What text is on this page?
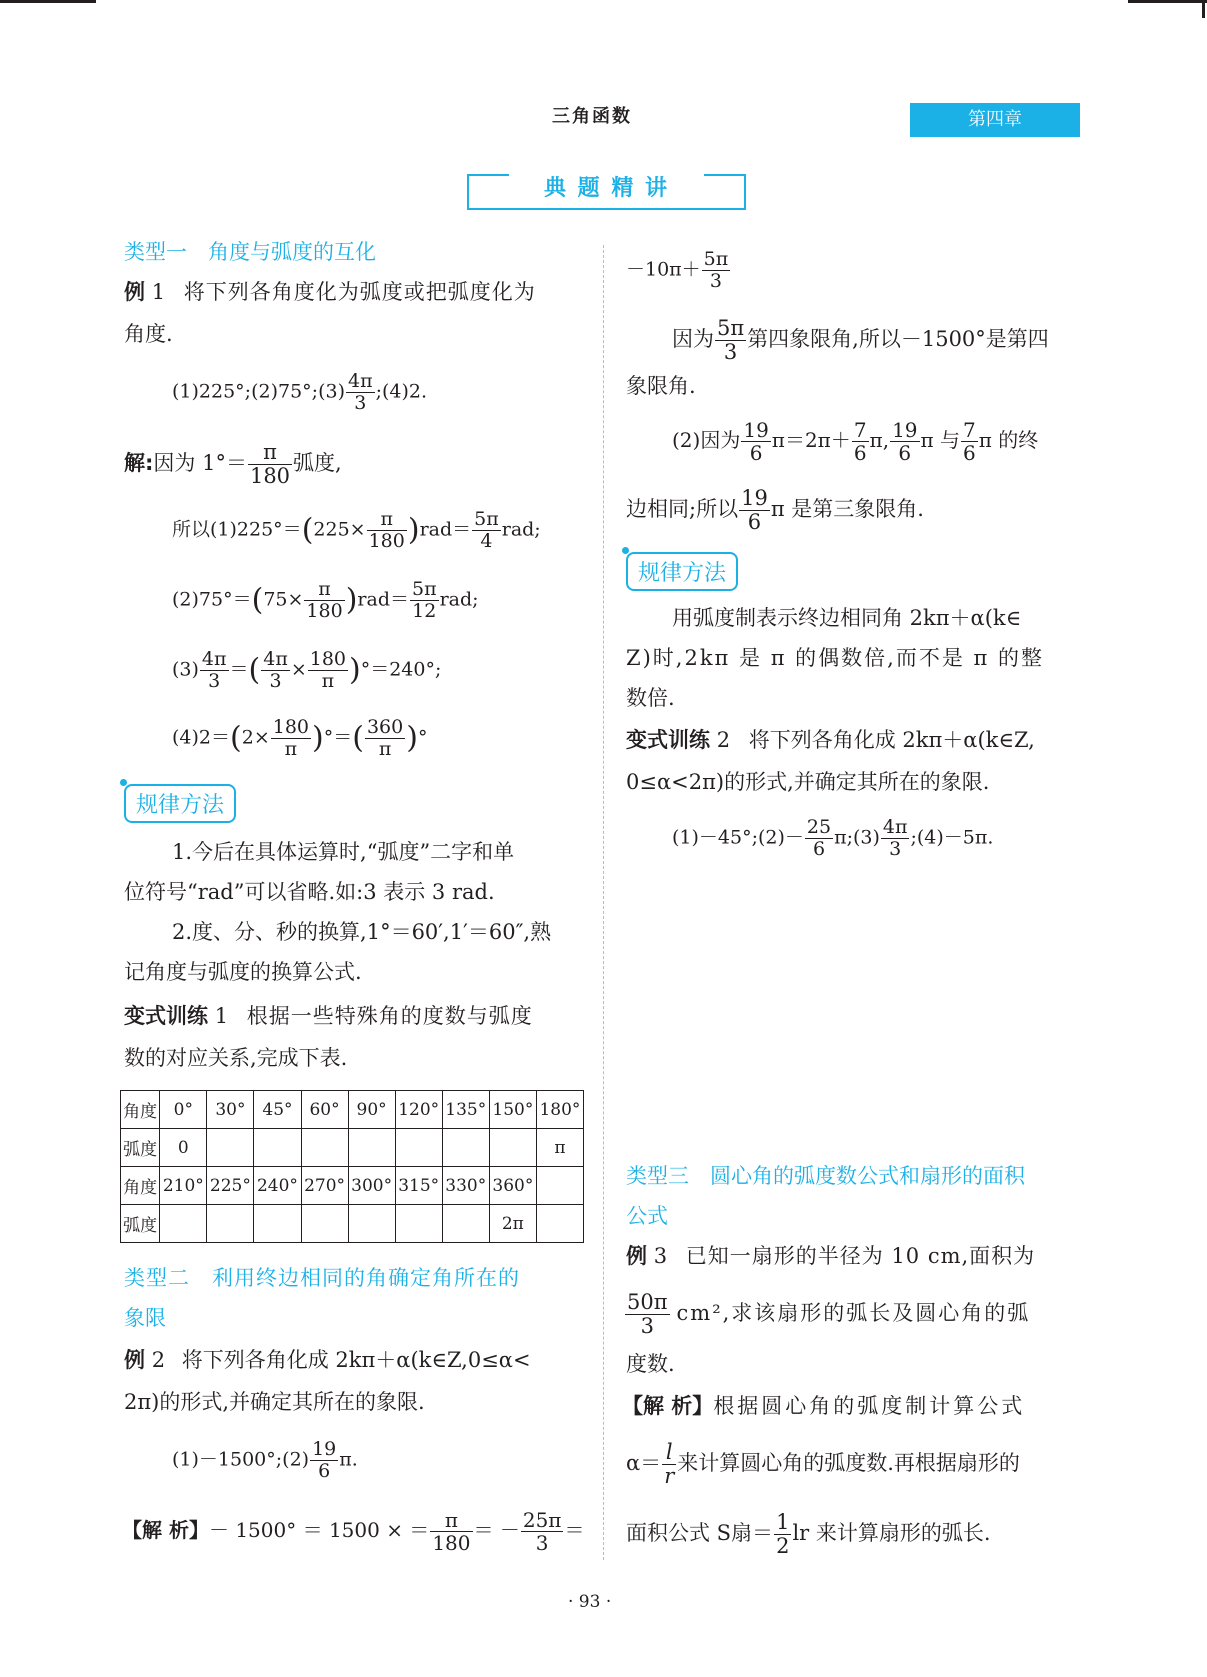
三角函数	第四章
典 题 精 讲
类型一　角度与弧度的互化
例 1 将下列各角度化为弧度或把弧度化为
角度.
(1)225°;(2)75°;(3) $\frac{4\pi}{3}$ ;(4)2.
解:因为 $1^\circ= \frac{\pi}{180}$ 弧度,
所以$(1)225^\circ=(225\times \frac{\pi}{180} )rad= \frac{5\pi}{4}$ rad;
$(2)75^\circ=(75\times \frac{\pi}{180} )rad= \frac{5\pi}{12}$ rad;
$(3) \frac{4\pi}{3}$ ＝( $\frac{4\pi}{3} \times \frac{180}{\pi} )^\circ=240^\circ$;
$(4)2=(2\times \frac{180}{\pi}$ )°＝( $\frac{360}{\pi}$ )°
规律方法
1.今后在具体运算时,“弧度”二字和单
位符号“rad”可以省略.如:3 表示 3 rad.
2.度、分、秒的换算,1°＝60′,1′＝60″,熟
记角度与弧度的换算公式.
变式训练 1 根据一些特殊角的度数与弧度
数的对应关系,完成下表.
角度	0°	30°	45°	60°	90°	120°	135°	150°	180°
弧度	0								π
角度	210°	225°	240°	270°	300°	315°	330°	360°	
弧度								2π	
类型二　利用终边相同的角确定角所在的
象限
例 2 将下列各角化成 2kπ＋α(k∈Z,0≤α<
2π)的形式,并确定其所在的象限.
(1)－1500°;(2) $\frac{19}{6} \pi$.
【解 析】－ 1500° ＝ 1500 × ＝ $\frac{\pi}{180}$ ＝ － $\frac{25\pi}{3}$ ＝
$-10\pi+ \frac{5\pi}{3}$
因为 $\frac{5\pi}{3}$ 第四象限角,所以－1500°是第四
象限角.
(2)因为 $\frac{19}{6} \pi=2\pi+ \frac{7}{6} \pi$, $\frac{19}{6}$ π 与 $\frac{7}{6}$ π 的终
边相同;所以 $\frac{19}{6}$ π 是第三象限角.
规律方法
用弧度制表示终边相同角 2kπ＋α(k∈
Z)时,2kπ 是 π 的偶数倍,而不是 π 的整
数倍.
变式训练 2 将下列各角化成 2kπ＋α(k∈Z,
0≤α<2π)的形式,并确定其所在的象限.
(1)－45°;(2)－ $\frac{25}{6}$ π;(3) $\frac{4\pi}{3}$ ;(4)－5π.
类型三　圆心角的弧度数公式和扇形的面积
公式
例 3 已知一扇形的半径为 10 cm,面积为
$\frac{50\pi}{3} cm^2$,求该扇形的弧长及圆心角的弧
度数.
【解 析】根据圆心角的弧度制计算公式
$\alpha= \frac{l}{r}$ 来计算圆心角的弧度数.再根据扇形的
面积公式 S扇＝ $\frac{1}{2}$ lr 来计算扇形的弧长.
· 93 ·
